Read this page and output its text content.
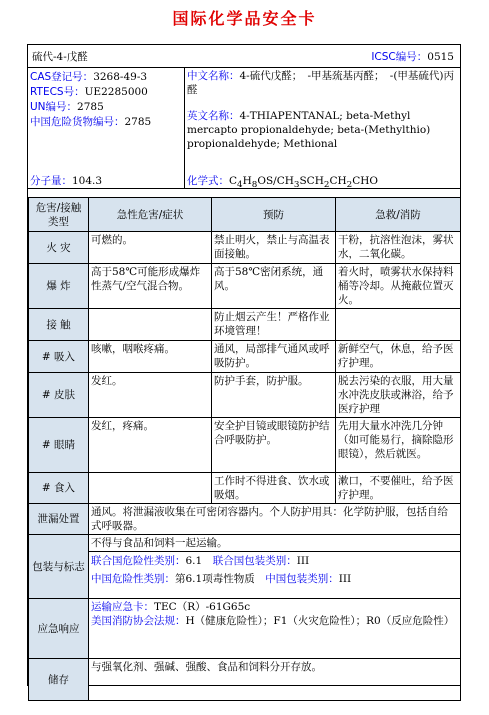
国际化学品安全卡
硫代-4-戊醛	ICSC编号：0515
CAS登记号：3268-49-3
RTECS号：UE2285000
UN编号：2785
中国危险货物编号：2785
分子量：104.3
中文名称：4-硫代戊醛；　-甲基巯基丙醛；　-(甲基硫代)丙醛
英文名称：4-THIAPENTANAL; beta-Methyl mercapto propionaldehyde; beta-(Methylthio) propionaldehyde; Methional
化学式：$C_4H_8OS/CH_3SCH_2CH_2CHO$
危害/接触类型	急性危害/症状	预防	急救/消防
火 灾	可燃的。	禁止明火，禁止与高温表面接触。	干粉，抗溶性泡沫，雾状水，二氧化碳。
爆 炸	高于58℃可能形成爆炸性蒸气/空气混合物。	高于58℃密闭系统，通风。	着火时，喷雾状水保持料桶等冷却。从掩蔽位置灭火。
接 触		防止烟云产生！严格作业环境管理！	
# 吸入	咳嗽，咽喉疼痛。	通风，局部排气通风或呼吸防护。	新鲜空气，休息，给予医疗护理。
# 皮肤	发红。	防护手套，防护服。	脱去污染的衣服，用大量水冲洗皮肤或淋浴，给予医疗护理
# 眼睛	发红，疼痛。	安全护目镜或眼镜防护结合呼吸防护。	先用大量水冲洗几分钟（如可能易行，摘除隐形眼镜），然后就医。
# 食入		工作时不得进食、饮水或吸烟。	漱口，不要催吐，给予医疗护理。
泄漏处置	通风。将泄漏液收集在可密闭容器内。个人防护用具：化学防护服，包括自给式呼吸器。
包装与标志	不得与食品和饲料一起运输。
联合国危险性类别：6.1　 联合国包装类别：III
中国危险性类别：第6.1项毒性物质　 中国包装类别：III

应急响应	运输应急卡：TEC（R）-61G65c
美国消防协会法规：H（健康危险性）；F1（火灾危险性）；R0（反应危险性）

储存	与强氧化剂、强碱、强酸、食品和饲料分开存放。
